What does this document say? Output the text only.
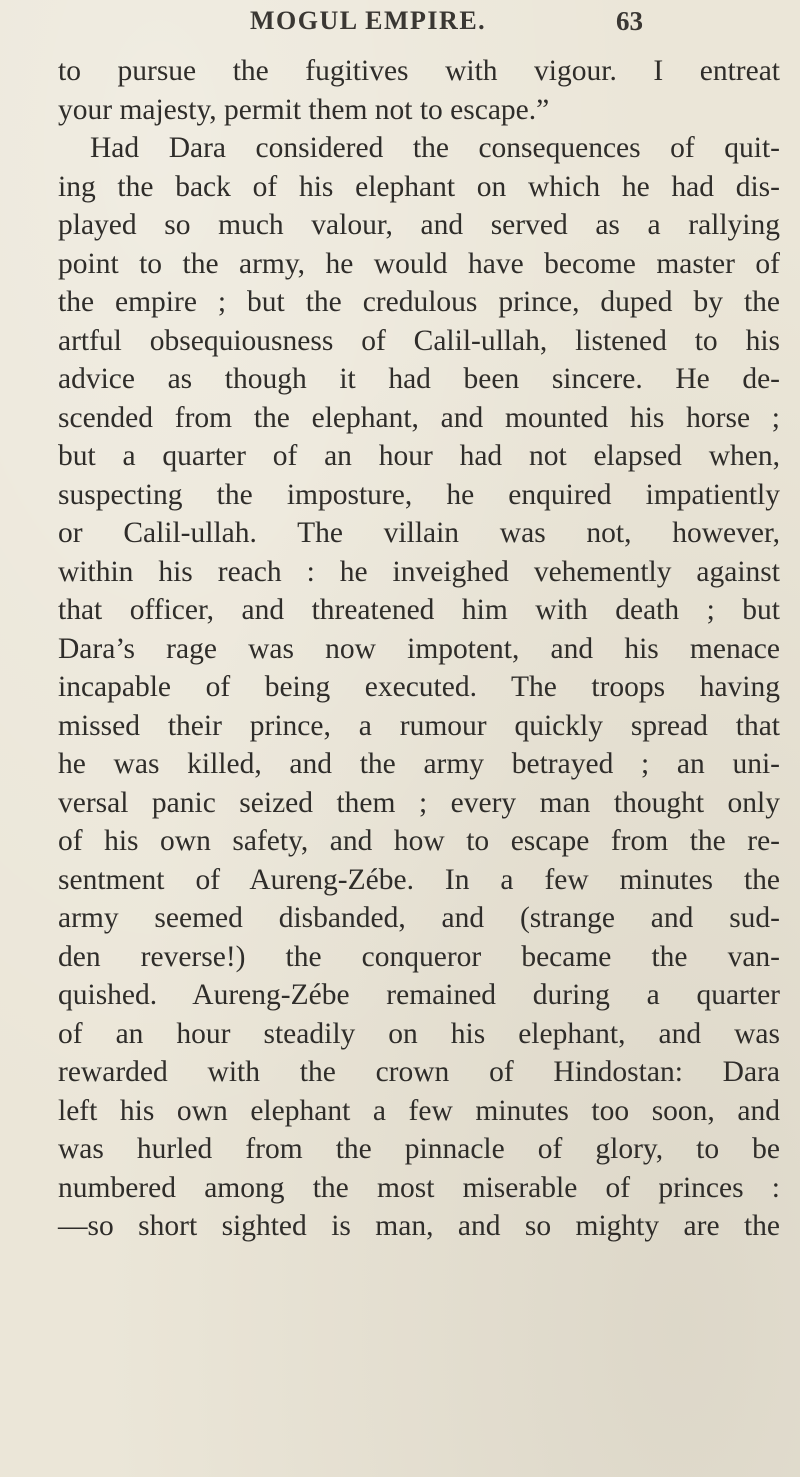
MOGUL EMPIRE.	63
to pursue the fugitives with vigour. I entreat
your majesty, permit them not to escape.”
Had Dara considered the consequences of quit-
ing the back of his elephant on which he had dis-
played so much valour, and served as a rallying
point to the army, he would have become master of
the empire ; but the credulous prince, duped by the
artful obsequiousness of Calil-ullah, listened to his
advice as though it had been sincere. He de-
scended from the elephant, and mounted his horse ;
but a quarter of an hour had not elapsed when,
suspecting the imposture, he enquired impatiently
or Calil-ullah. The villain was not, however,
within his reach : he inveighed vehemently against
that officer, and threatened him with death ; but
Dara’s rage was now impotent, and his menace
incapable of being executed. The troops having
missed their prince, a rumour quickly spread that
he was killed, and the army betrayed ; an uni-
versal panic seized them ; every man thought only
of his own safety, and how to escape from the re-
sentment of Aureng-Zébe. In a few minutes the
army seemed disbanded, and (strange and sud-
den reverse!) the conqueror became the van-
quished. Aureng-Zébe remained during a quarter
of an hour steadily on his elephant, and was
rewarded with the crown of Hindostan: Dara
left his own elephant a few minutes too soon, and
was hurled from the pinnacle of glory, to be
numbered among the most miserable of princes :
—so short sighted is man, and so mighty are the
